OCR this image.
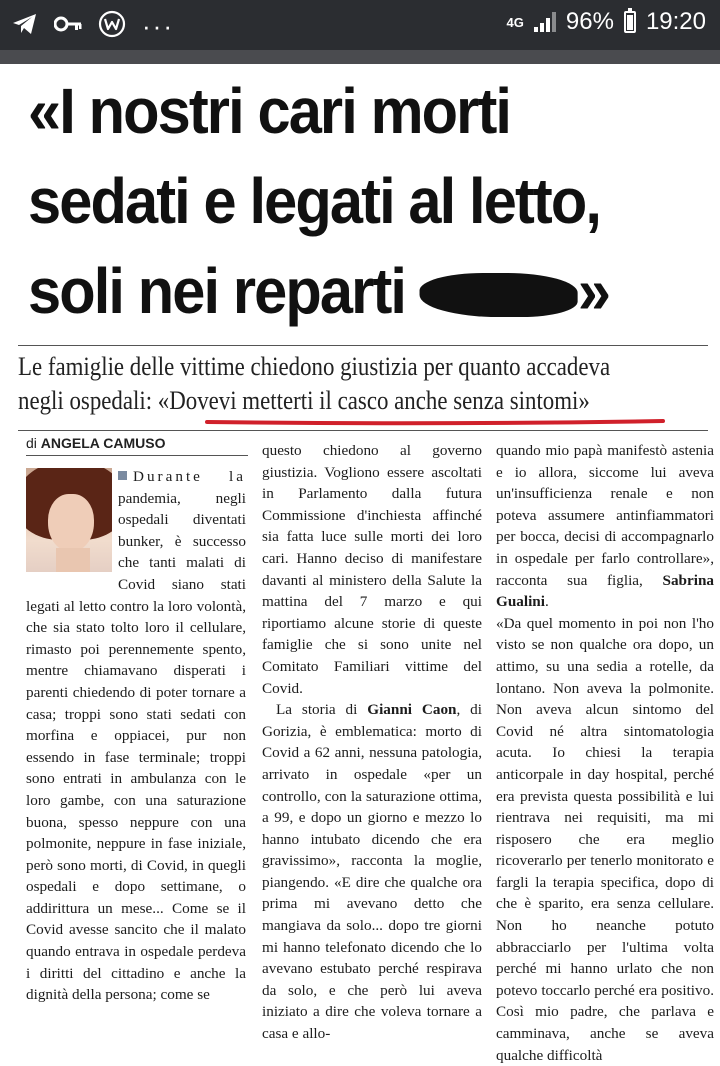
···	4G 96% 19:20
«I nostri cari morti
sedati e legati al letto,
soli nei reparti	»
Le famiglie delle vittime chiedono giustizia per quanto accadeva
negli ospedali: «Dovevi metterti il casco anche senza sintomi»
di ANGELA CAMUSO

Durante la pandemia, negli ospedali diventati bunker, è successo che tanti malati di Covid siano stati legati al letto contro la loro volontà, che sia stato tolto loro il cellulare, rimasto poi perennemente spento, mentre chiamavano disperati i parenti chiedendo di poter tornare a casa; troppi sono stati sedati con morfina e oppiacei, pur non essendo in fase terminale; troppi sono entrati in ambulanza con le loro gambe, con una saturazione buona, spesso neppure con una polmonite, neppure in fase iniziale, però sono morti, di Covid, in quegli ospedali e dopo settimane, o addirittura un mese... Come se il Covid avesse sancito che il malato quando entrava in ospedale perdeva i diritti del cittadino e anche la dignità della persona; come se

questo chiedono al governo giustizia. Vogliono essere ascoltati in Parlamento dalla futura Commissione d'inchiesta affinché sia fatta luce sulle morti dei loro cari. Hanno deciso di manifestare davanti al ministero della Salute la mattina del 7 marzo e qui riportiamo alcune storie di queste famiglie che si sono unite nel Comitato Familiari vittime del Covid.

La storia di Gianni Caon, di Gorizia, è emblematica: morto di Covid a 62 anni, nessuna patologia, arrivato in ospedale «per un controllo, con la saturazione ottima, a 99, e dopo un giorno e mezzo lo hanno intubato dicendo che era gravissimo», racconta la moglie, piangendo. «E dire che qualche ora prima mi avevano detto che mangiava da solo... dopo tre giorni mi hanno telefonato dicendo che lo avevano estubato perché respirava da solo, e che però lui aveva iniziato a dire che voleva tornare a casa e allo-

quando mio papà manifestò astenia e io allora, siccome lui aveva un'insufficienza renale e non poteva assumere antinfiammatori per bocca, decisi di accompagnarlo in ospedale per farlo controllare», racconta sua figlia, Sabrina Gualini.

«Da quel momento in poi non l'ho visto se non qualche ora dopo, un attimo, su una sedia a rotelle, da lontano. Non aveva la polmonite. Non aveva alcun sintomo del Covid né altra sintomatologia acuta. Io chiesi la terapia anticorpale in day hospital, perché era prevista questa possibilità e lui rientrava nei requisiti, ma mi risposero che era meglio ricoverarlo per tenerlo monitorato e fargli la terapia specifica, dopo di che è sparito, era senza cellulare. Non ho neanche potuto abbracciarlo per l'ultima volta perché mi hanno urlato che non potevo toccarlo perché era positivo. Così mio padre, che parlava e camminava, anche se aveva qualche difficoltà
